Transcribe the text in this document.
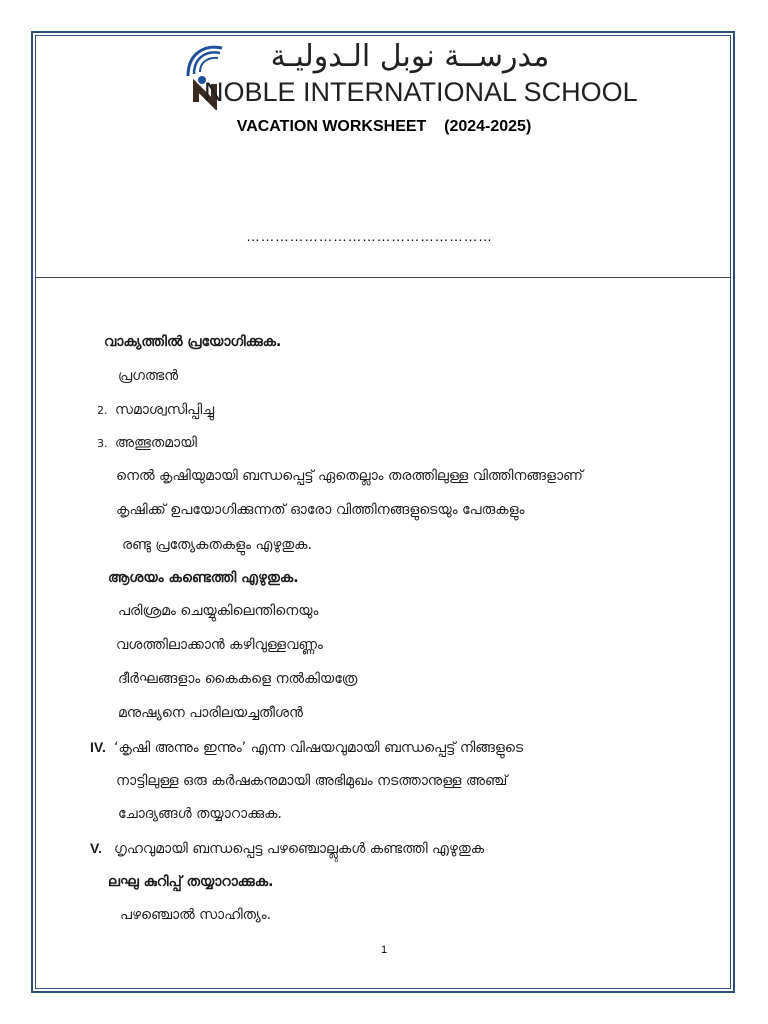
مدرســة نوبل الـدوليـة
NOBLE INTERNATIONAL SCHOOL
VACATION WORKSHEET    (2024-2025)
……………………………………………
വാക്യത്തിൽ പ്രയോഗിക്കുക.
പ്രഗത്ഭൻ
2. സമാശ്വസിപ്പിച്ചു
3. അത്ഭുതമായി
നെൽ കൃഷിയുമായി ബന്ധപ്പെട്ട് ഏതെല്ലാം തരത്തിലുള്ള വിത്തിനങ്ങളാണ്
കൃഷിക്ക് ഉപയോഗിക്കുന്നത് ഓരോ വിത്തിനങ്ങളുടെയും പേരുകളും
രണ്ടു പ്രത്യേകതകളും എഴുതുക.
ആശയം കണ്ടെത്തി എഴുതുക.
പരിശ്രമം ചെയ്യുകിലെന്തിനെയും
വശത്തിലാക്കാൻ കഴിവുള്ളവണ്ണം
ദീർഘങ്ങളാം കൈകളെ നൽകിയത്രേ
മനുഷ്യനെ പാരിലയച്ചതീശൻ
IV. ‘കൃഷി അന്നും ഇന്നും’ എന്ന വിഷയവുമായി ബന്ധപ്പെട്ട് നിങ്ങളുടെ
നാട്ടിലുള്ള ഒരു കർഷകനുമായി അഭിമുഖം നടത്താനുള്ള അഞ്ച്
ചോദ്യങ്ങൾ തയ്യാറാക്കുക.
V. ഗൃഹവുമായി ബന്ധപ്പെട്ട പഴഞ്ചൊല്ലുകൾ കണ്ടത്തി എഴുതുക
ലഘു കുറിപ്പ് തയ്യാറാക്കുക.
പഴഞ്ചൊൽ സാഹിത്യം.
1
